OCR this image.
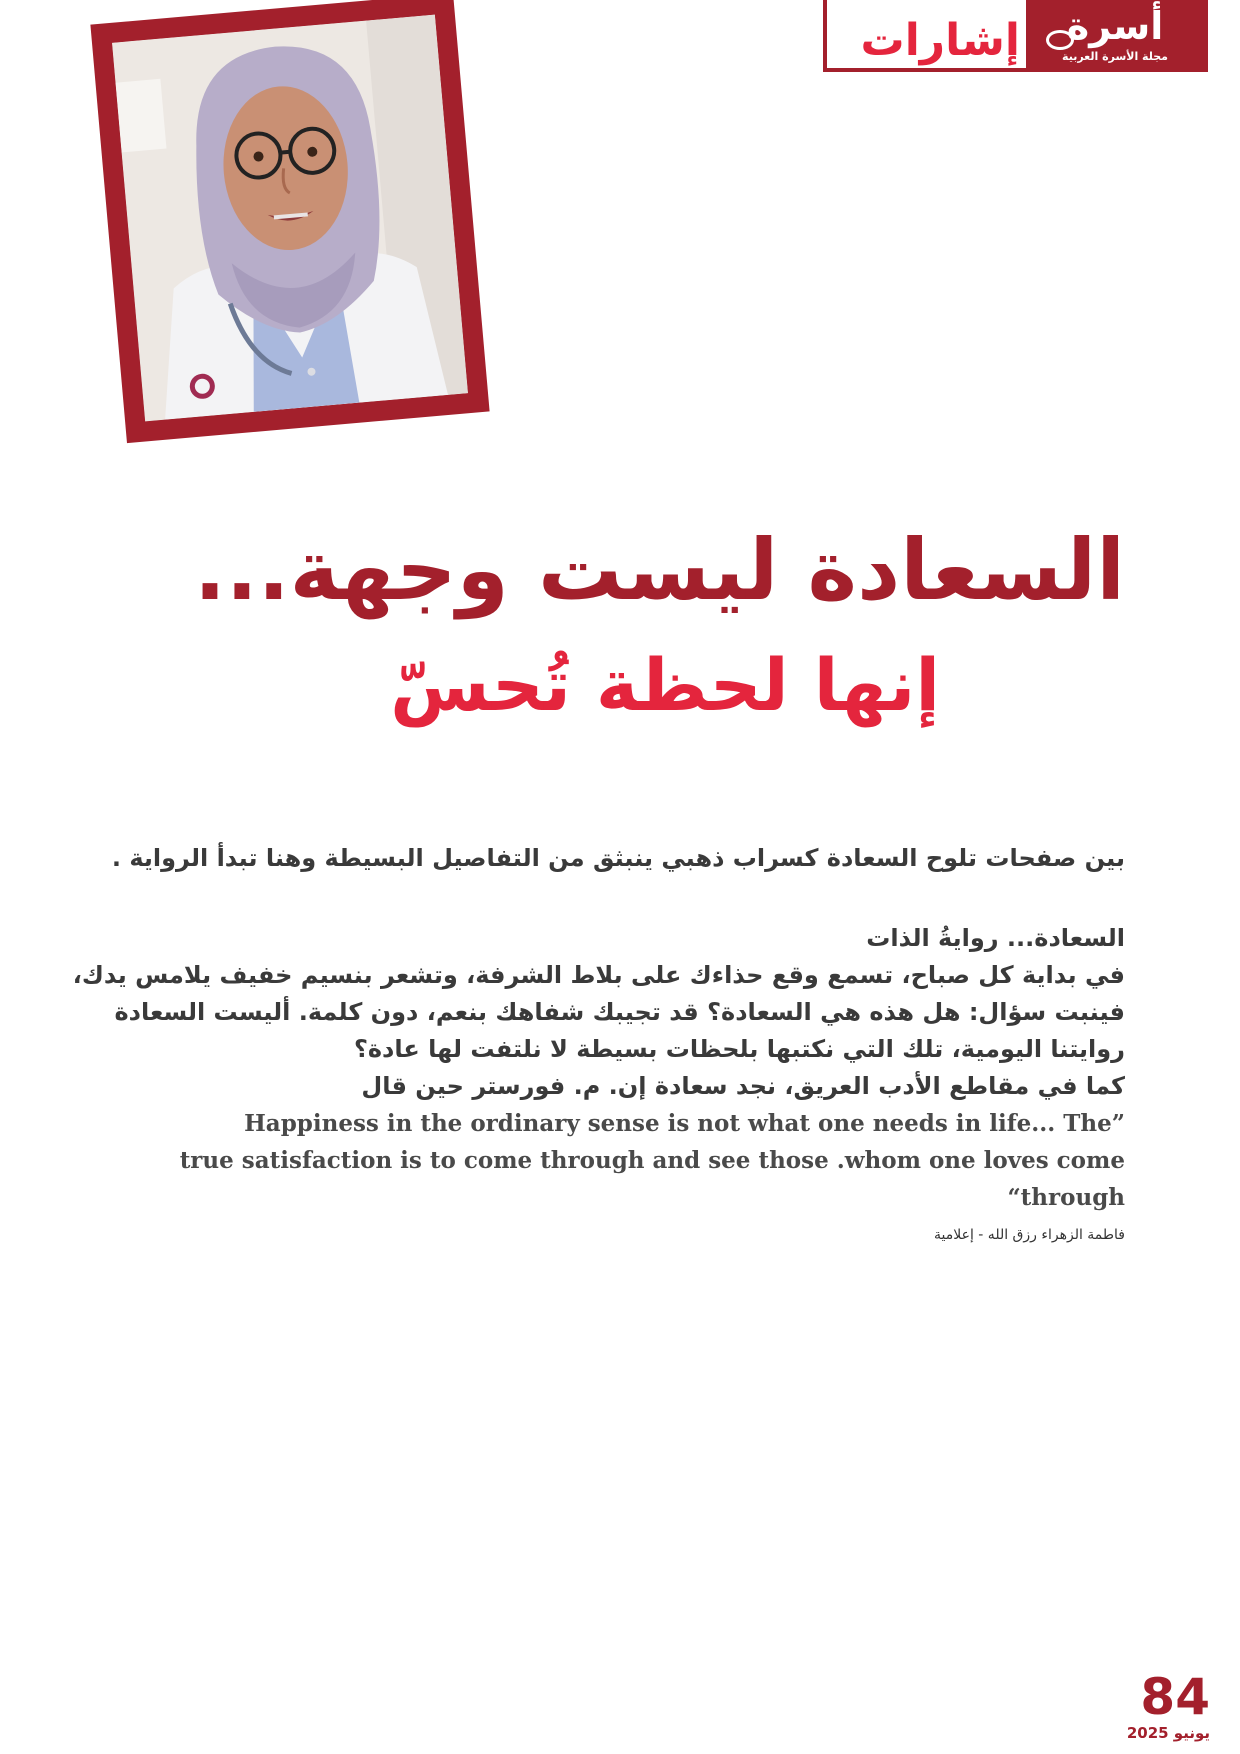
إشارات	أسرة
مجلة الأسرة العربية
السعادة ليست وجهة...
إنها لحظة تُحسّ
بين صفحات تلوح السعادة كسراب ذهبي ينبثق من التفاصيل البسيطة وهنا تبدأ الرواية .
السعادة... روايةُ الذات
في بداية كل صباح، تسمع وقع حذاءك على بلاط الشرفة، وتشعر بنسيم خفيف يلامس يدك،
فينبت سؤال: هل هذه هي السعادة؟ قد تجيبك شفاهك بنعم، دون كلمة. أليست السعادة
روايتنا اليومية، تلك التي نكتبها بلحظات بسيطة لا نلتفت لها عادة؟
كما في مقاطع الأدب العريق، نجد سعادة إن. م. فورستر حين قال
Happiness in the ordinary sense is not what one needs in life... The”
true satisfaction is to come through and see those .whom one loves come
“through
فاطمة الزهراء رزق الله - إعلامية
84
يونيو 2025
